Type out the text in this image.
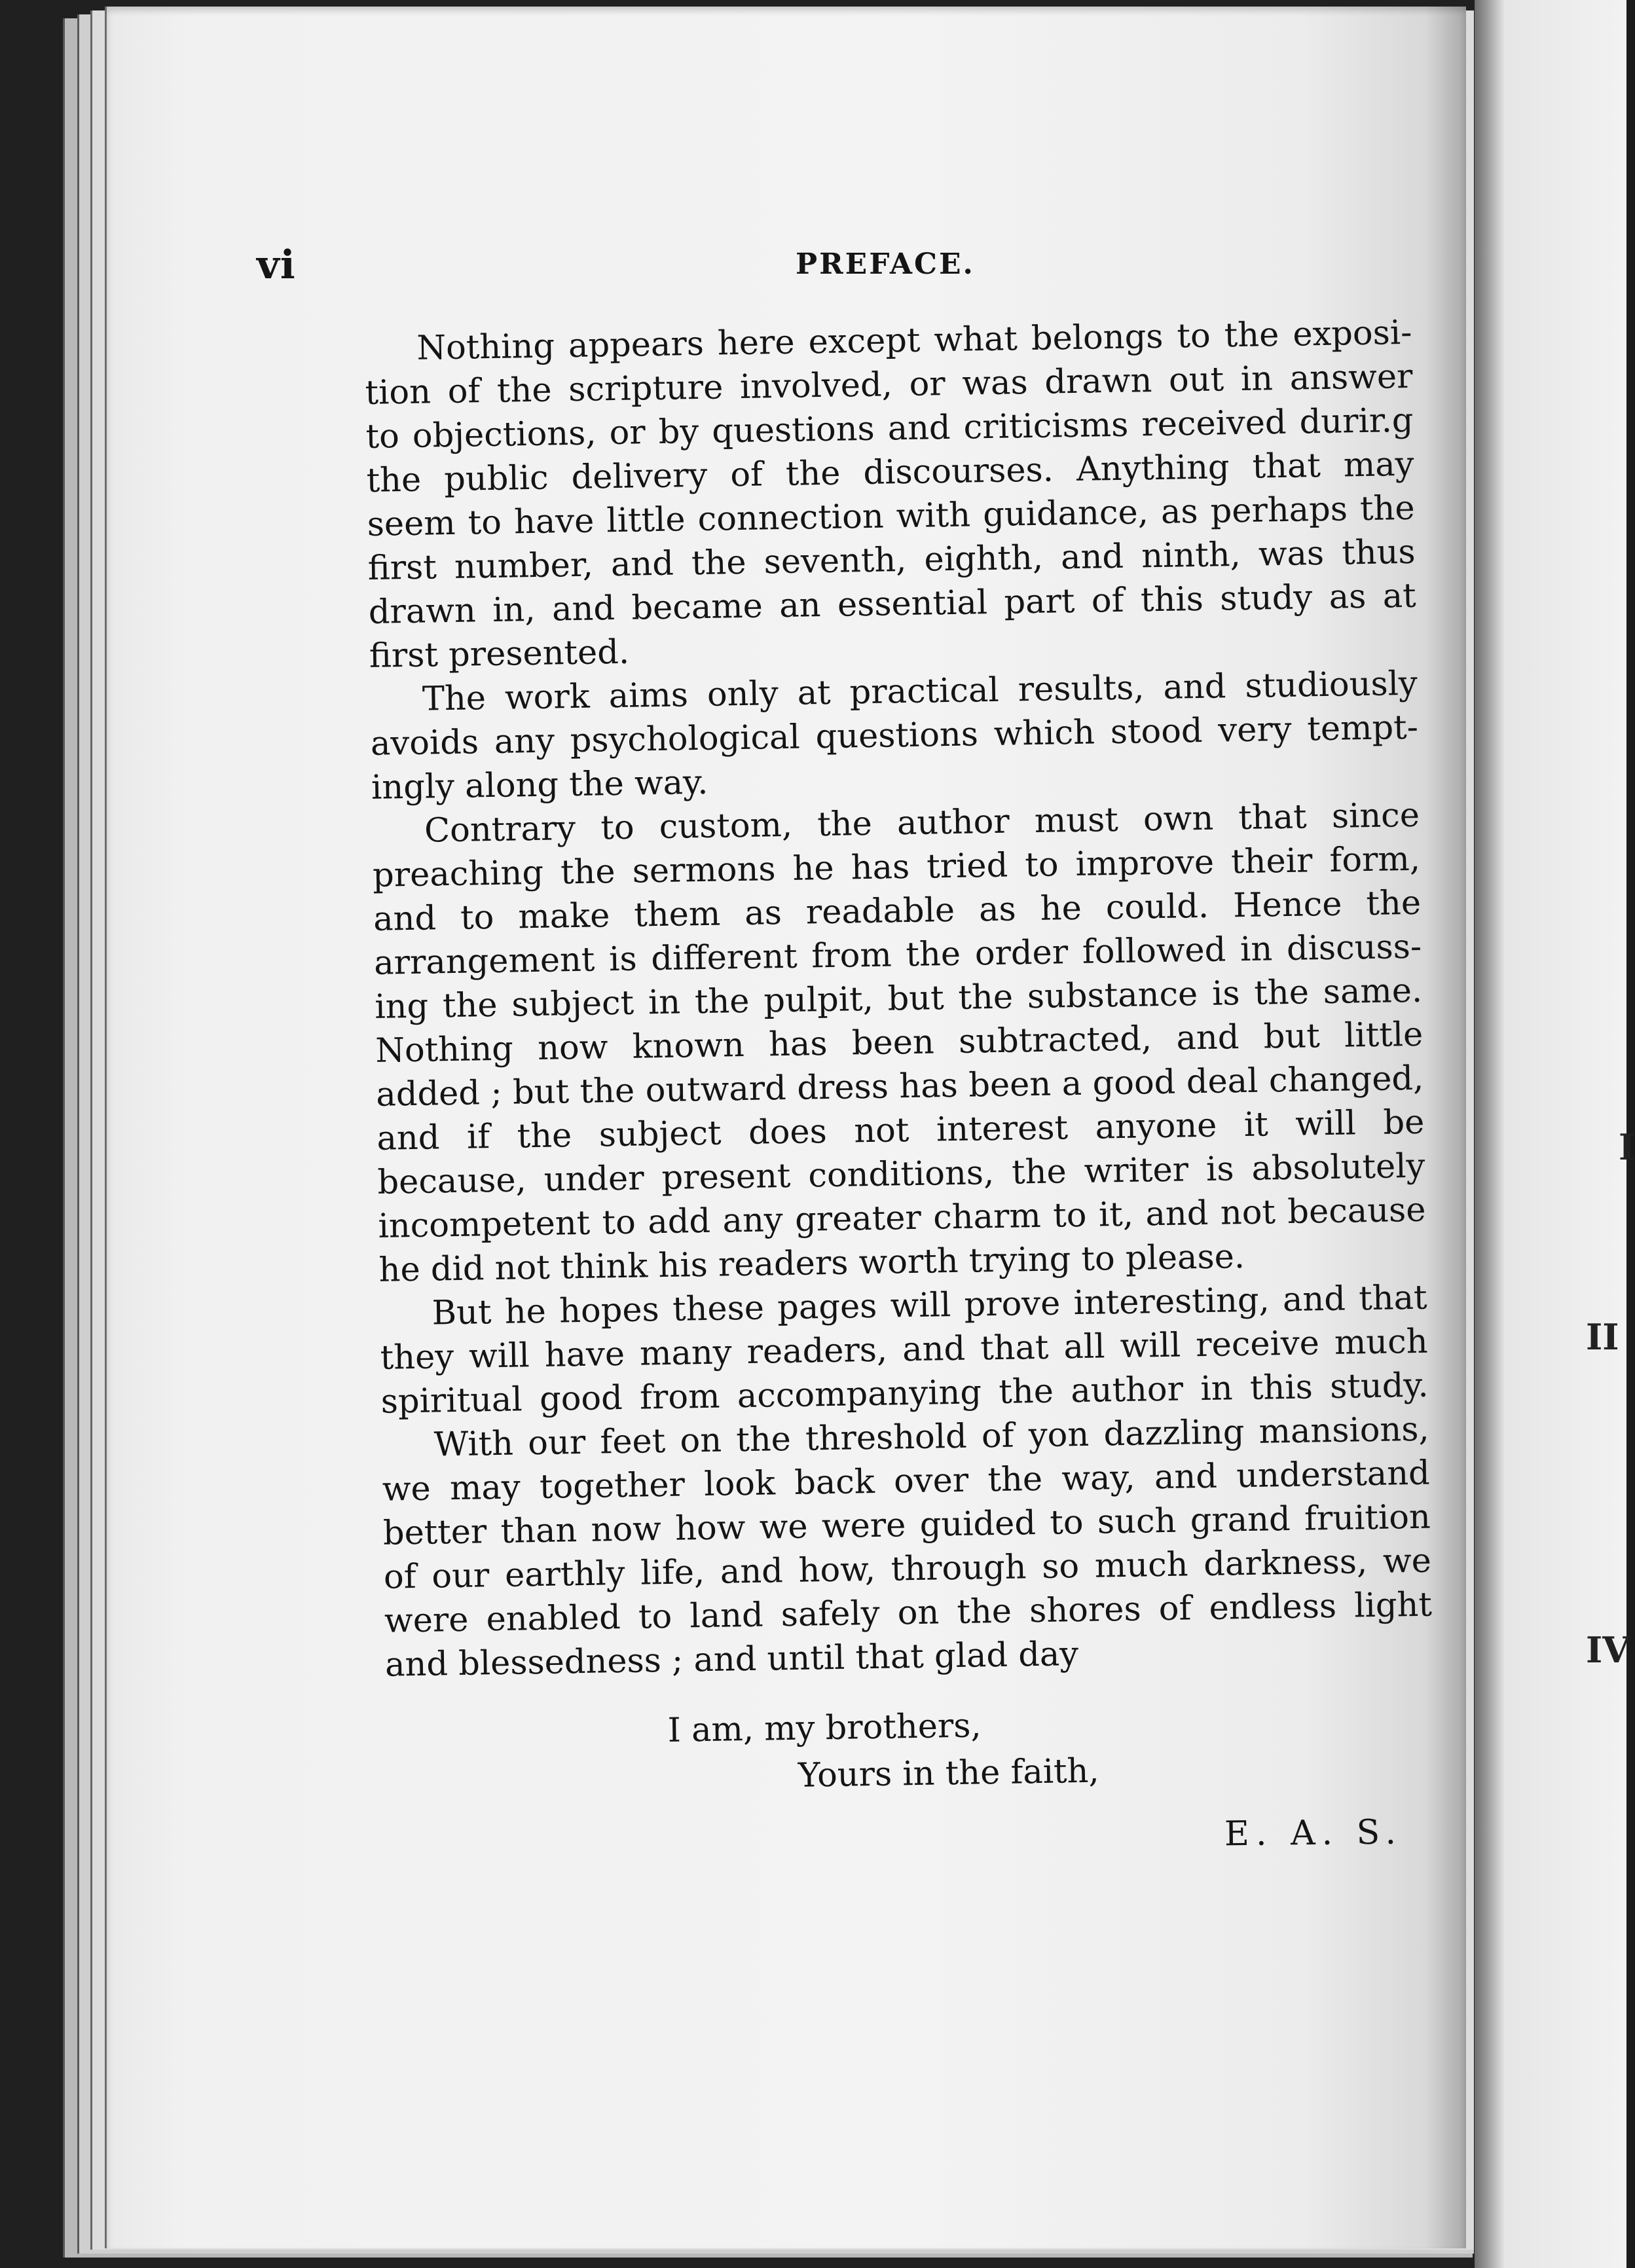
I
II
IV
vi	PREFACE.
Nothing appears here except what belongs to the exposi-
tion of the scripture involved, or was drawn out in answer
to objections, or by questions and criticisms received durir.g
the public delivery of the discourses. Anything that may
seem to have little connection with guidance, as perhaps the
first number, and the seventh, eighth, and ninth, was thus
drawn in, and became an essential part of this study as at
first presented.
The work aims only at practical results, and studiously
avoids any psychological questions which stood very tempt-
ingly along the way.
Contrary to custom, the author must own that since
preaching the sermons he has tried to improve their form,
and to make them as readable as he could. Hence the
arrangement is different from the order followed in discuss-
ing the subject in the pulpit, but the substance is the same.
Nothing now known has been subtracted, and but little
added ; but the outward dress has been a good deal changed,
and if the subject does not interest anyone it will be
because, under present conditions, the writer is absolutely
incompetent to add any greater charm to it, and not because
he did not think his readers worth trying to please.
But he hopes these pages will prove interesting, and that
they will have many readers, and that all will receive much
spiritual good from accompanying the author in this study.
With our feet on the threshold of yon dazzling mansions,
we may together look back over the way, and understand
better than now how we were guided to such grand fruition
of our earthly life, and how, through so much darkness, we
were enabled to land safely on the shores of endless light
and blessedness ; and until that glad day
I am, my brothers,
Yours in the faith,
E. A. S.
